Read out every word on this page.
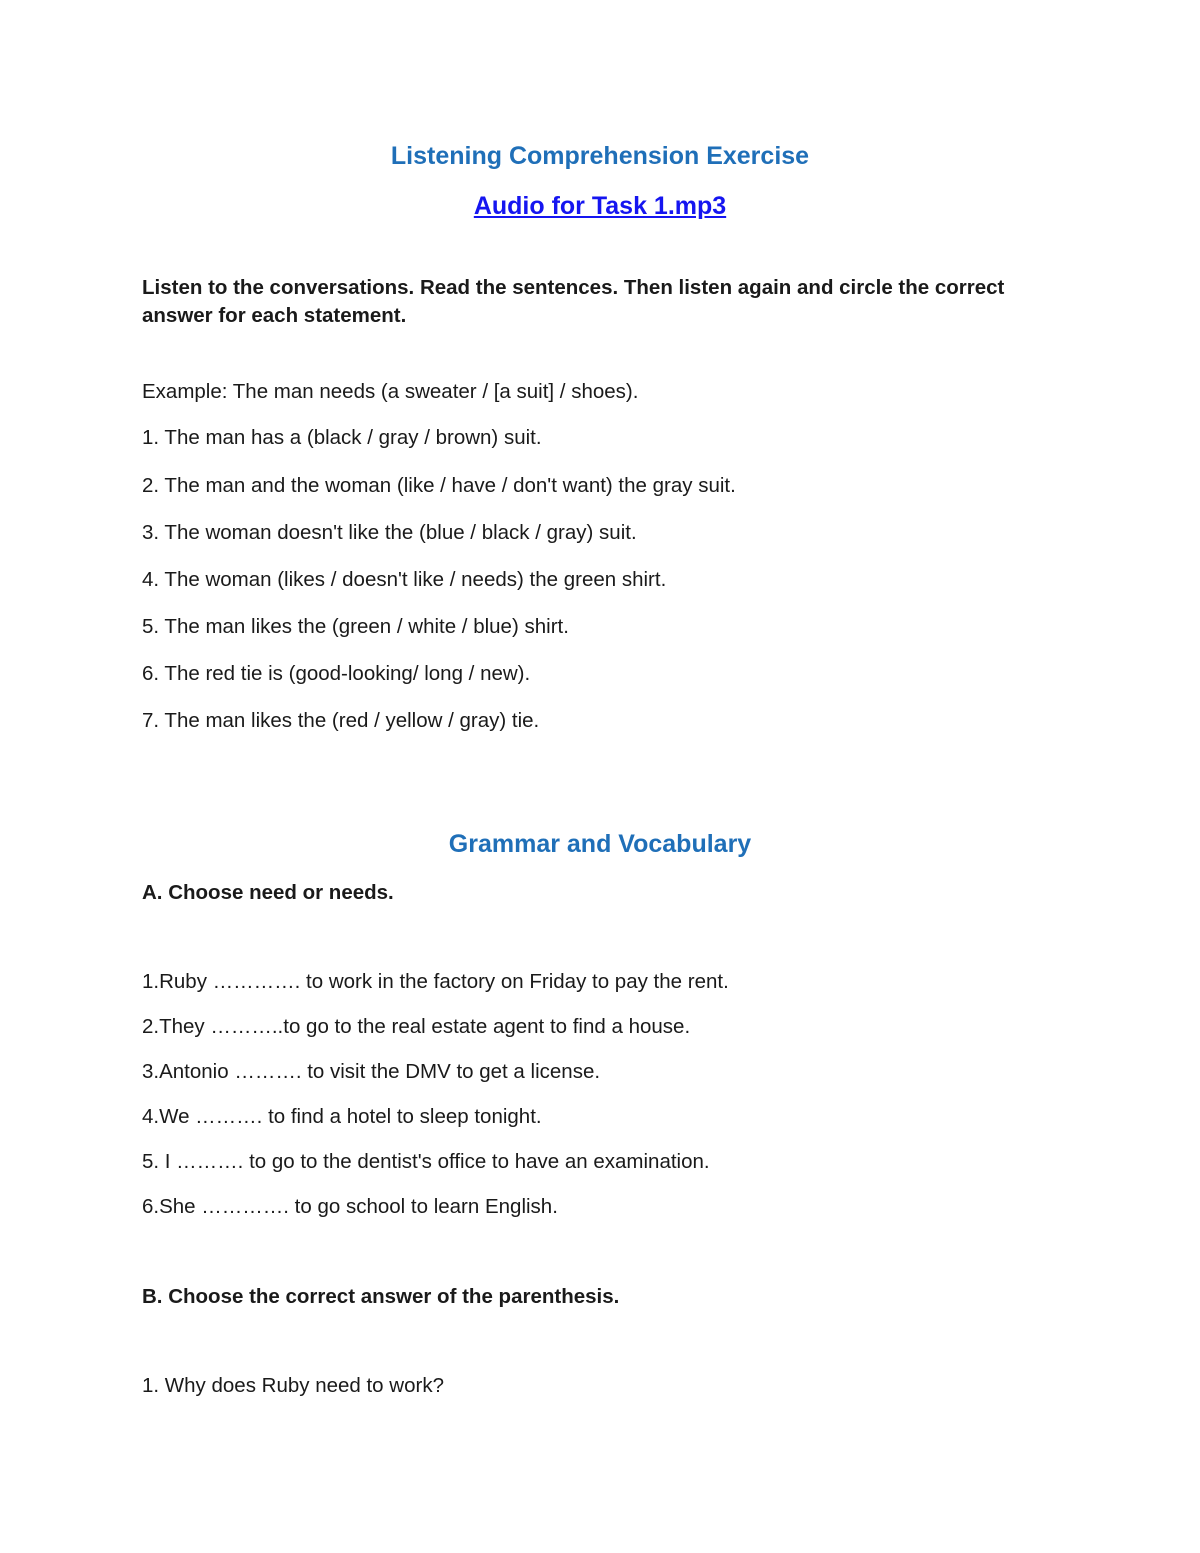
Listening Comprehension Exercise
Audio for Task 1.mp3

Listen to the conversations. Read the sentences. Then listen again and circle the correct answer for each statement.

Example: The man needs (a sweater / [a suit] / shoes).

1. The man has a (black / gray / brown) suit.

2. The man and the woman (like / have / don't want) the gray suit.

3. The woman doesn't like the (blue / black / gray) suit.

4. The woman (likes / doesn't like / needs) the green shirt.

5. The man likes the (green / white / blue) shirt.

6. The red tie is (good-looking/ long / new).

7. The man likes the (red / yellow / gray) tie.

Grammar and Vocabulary

A. Choose need or needs.

1.Ruby …………. to work in the factory on Friday to pay the rent.

2.They ………..to go to the real estate agent to find a house.

3.Antonio ………. to visit the DMV to get a license.

4.We ………. to find a hotel to sleep tonight.

5. I ………. to go to the dentist's office to have an examination.

6.She …………. to go school to learn English.

B. Choose the correct answer of the parenthesis.

1. Why does Ruby need to work?
